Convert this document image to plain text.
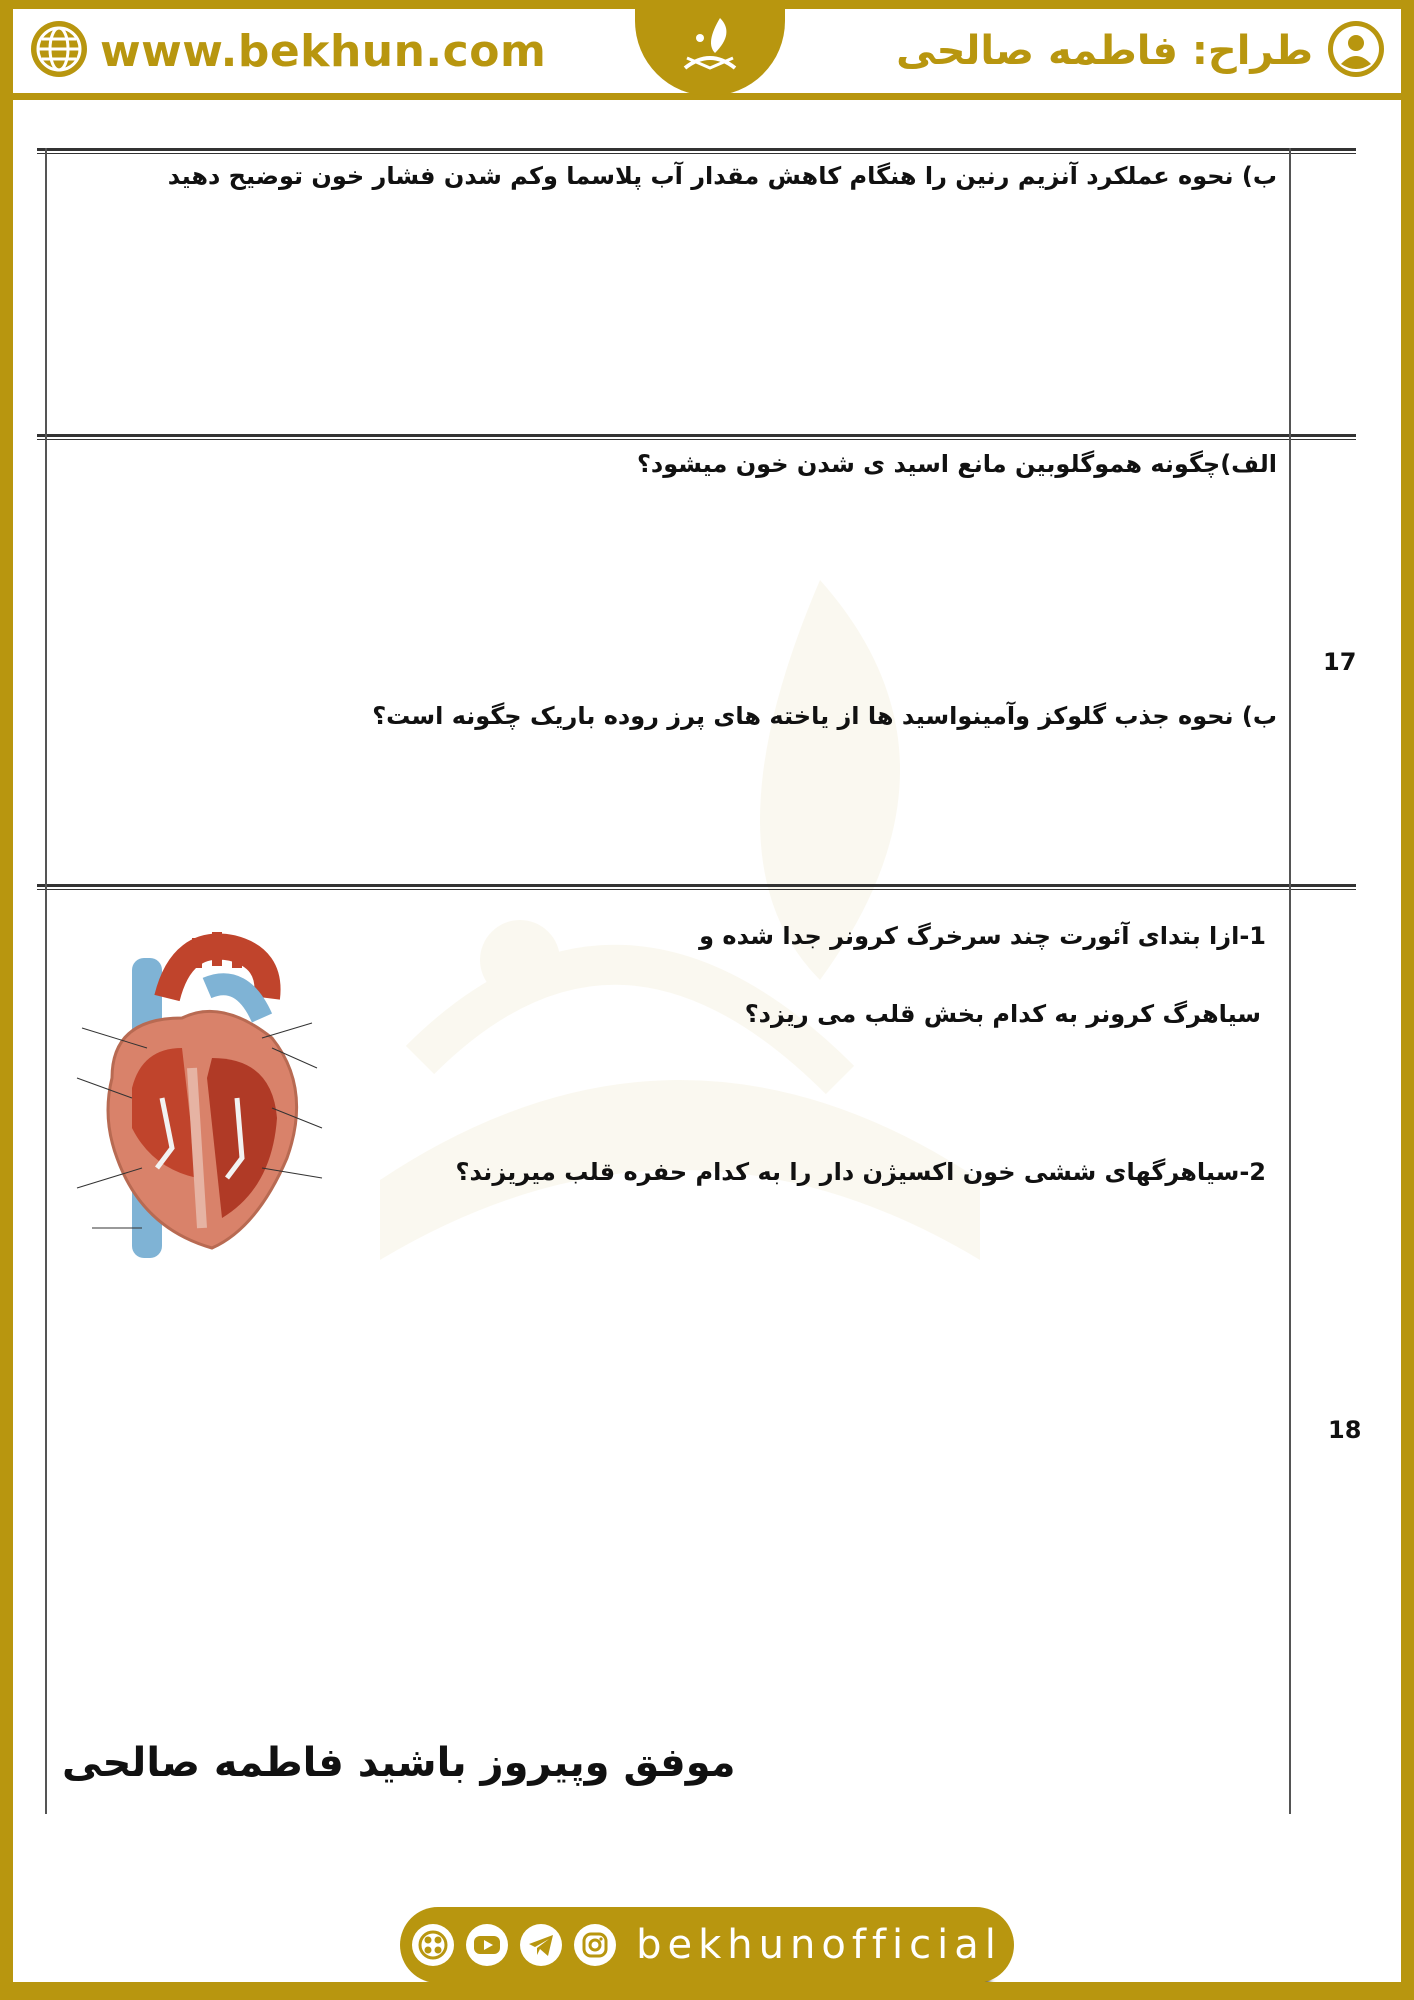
www.bekhun.com	طراح: فاطمه صالحی
ب) نحوه عملکرد آنزیم رنین را هنگام کاهش مقدار آب پلاسما وکم شدن فشار خون توضیح دهید
الف)چگونه هموگلوبین مانع اسید ی شدن خون میشود؟
17
ب) نحوه جذب گلوکز وآمینواسید ها از یاخته های پرز روده باریک چگونه است؟
1-ازا بتدای آئورت چند سرخرگ کرونر جدا شده و
سیاهرگ کرونر به کدام بخش قلب می ریزد؟
2-سیاهرگهای ششی خون اکسیژن دار را به کدام حفره قلب میریزند؟
18
موفق وپیروز باشید فاطمه صالحی
bekhunofficial
